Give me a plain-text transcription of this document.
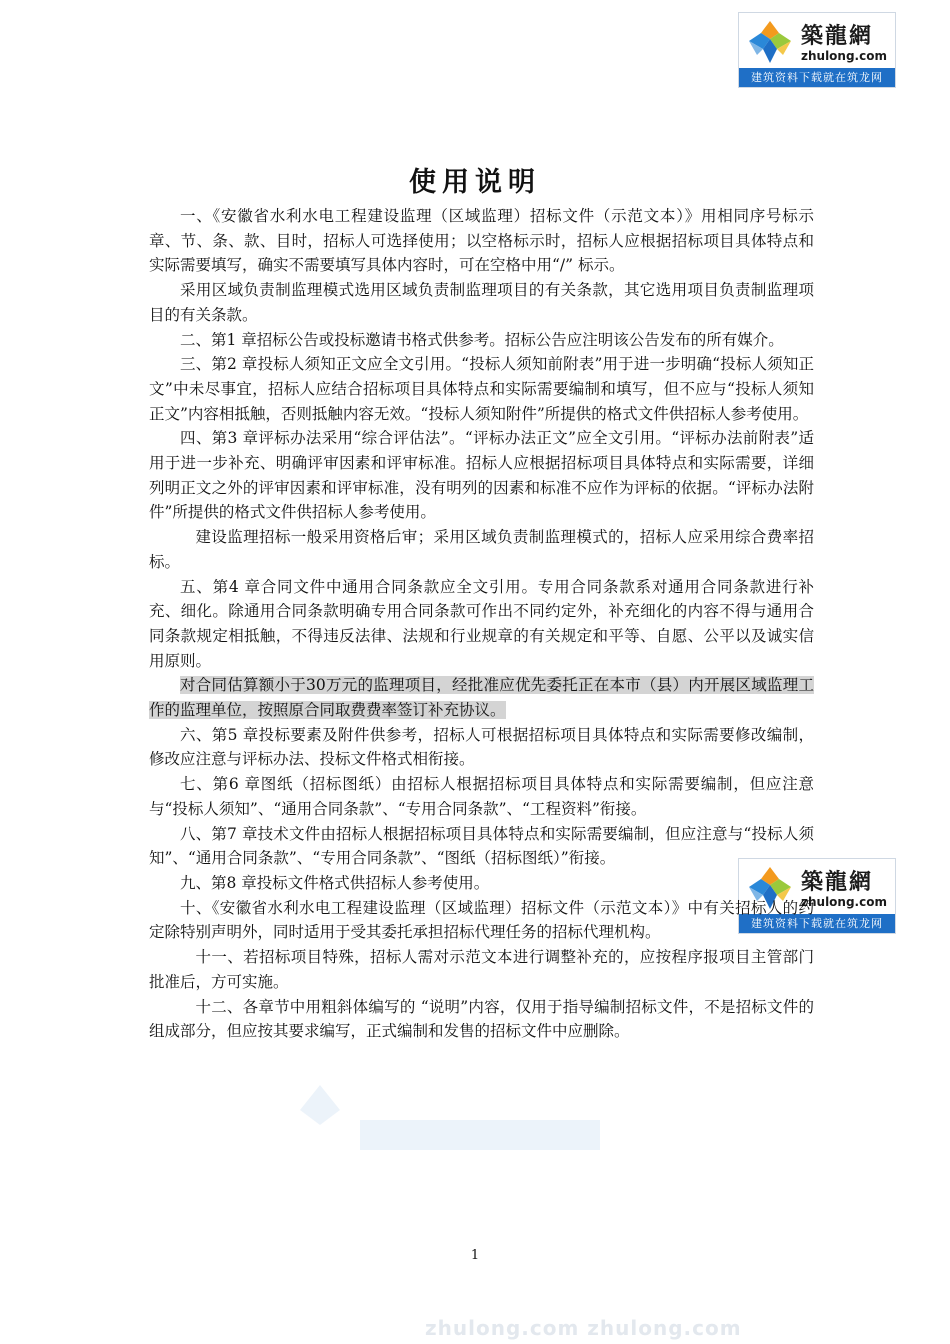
築龍網
zhulong.com
建筑资料下载就在筑龙网
築龍網
zhulong.com
建筑资料下载就在筑龙网
使用说明

一、《安徽省水利水电工程建设监理（区域监理）招标文件（示范文本）》用相同序号标示章、节、条、款、目时，招标人可选择使用；以空格标示时，招标人应根据招标项目具体特点和实际需要填写，确实不需要填写具体内容时，可在空格中用“/” 标示。

采用区域负责制监理模式选用区域负责制监理项目的有关条款，其它选用项目负责制监理项目的有关条款。

二、第1 章招标公告或投标邀请书格式供参考。招标公告应注明该公告发布的所有媒介。

三、第2 章投标人须知正文应全文引用。“投标人须知前附表”用于进一步明确“投标人须知正文”中未尽事宜，招标人应结合招标项目具体特点和实际需要编制和填写，但不应与“投标人须知正文”内容相抵触，否则抵触内容无效。“投标人须知附件”所提供的格式文件供招标人参考使用。

四、第3 章评标办法采用“综合评估法”。“评标办法正文”应全文引用。“评标办法前附表”适用于进一步补充、明确评审因素和评审标准。招标人应根据招标项目具体特点和实际需要，详细列明正文之外的评审因素和评审标准，没有明列的因素和标准不应作为评标的依据。“评标办法附件”所提供的格式文件供招标人参考使用。

建设监理招标一般采用资格后审；采用区域负责制监理模式的，招标人应采用综合费率招标。

五、第4 章合同文件中通用合同条款应全文引用。专用合同条款系对通用合同条款进行补充、细化。除通用合同条款明确专用合同条款可作出不同约定外，补充细化的内容不得与通用合同条款规定相抵触，不得违反法律、法规和行业规章的有关规定和平等、自愿、公平以及诚实信用原则。

对合同估算额小于30万元的监理项目，经批准应优先委托正在本市（县）内开展区域监理工作的监理单位，按照原合同取费费率签订补充协议。

六、第5 章投标要素及附件供参考，招标人可根据招标项目具体特点和实际需要修改编制，修改应注意与评标办法、投标文件格式相衔接。

七、第6 章图纸（招标图纸）由招标人根据招标项目具体特点和实际需要编制，但应注意与“投标人须知”、“通用合同条款”、“专用合同条款”、“工程资料”衔接。

八、第7 章技术文件由招标人根据招标项目具体特点和实际需要编制，但应注意与“投标人须知”、“通用合同条款”、“专用合同条款”、“图纸（招标图纸）”衔接。

九、第8 章投标文件格式供招标人参考使用。

十、《安徽省水利水电工程建设监理（区域监理）招标文件（示范文本）》中有关招标人的约定除特别声明外，同时适用于受其委托承担招标代理任务的招标代理机构。

十一、若招标项目特殊，招标人需对示范文本进行调整补充的，应按程序报项目主管部门批准后，方可实施。

十二、各章节中用粗斜体编写的 “说明”内容，仅用于指导编制招标文件，不是招标文件的组成部分，但应按其要求编写，正式编制和发售的招标文件中应删除。

1
zhulong.com zhulong.com
